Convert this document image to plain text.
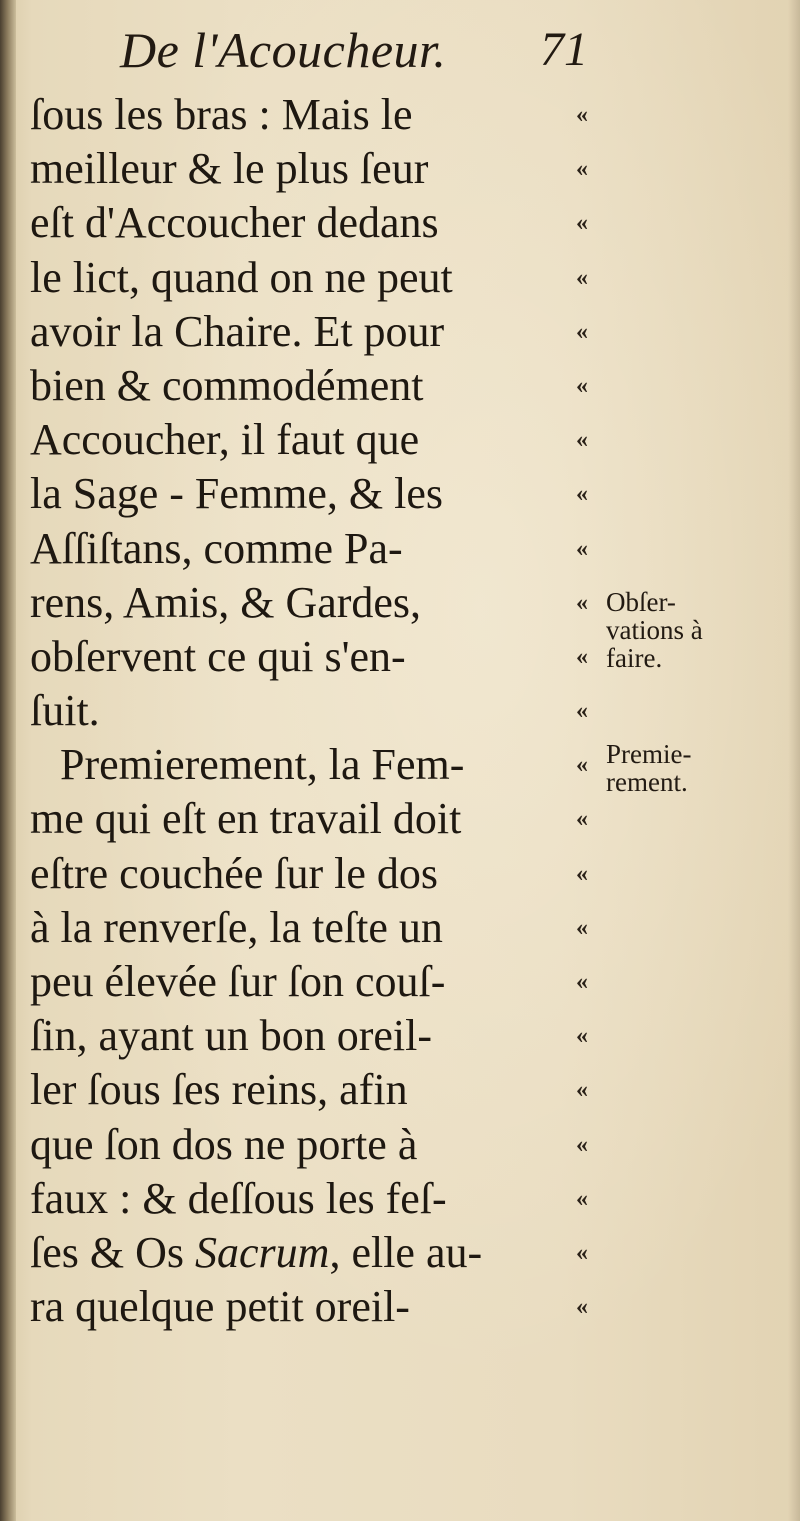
De l'Acoucheur. 71
ſous les bras : Mais le
meilleur & le plus ſeur
eſt d'Accoucher dedans
le lict, quand on ne peut
avoir la Chaire. Et pour
bien & commodément
Accoucher, il faut que
la Sage - Femme, & les
Aſſiſtans, comme Pa-
rens, Amis, & Gardes,
obſervent ce qui s'en-
ſuit.
Premierement, la Fem-
me qui eſt en travail doit
eſtre couchée ſur le dos
à la renverſe, la teſte un
peu élevée ſur ſon couſ-
ſin, ayant un bon oreil-
ler ſous ſes reins, afin
que ſon dos ne porte à
faux : & deſſous les feſ-
ſes & Os Sacrum, elle au-
ra quelque petit oreil-
«
«
«
«
«
«
«
«
«
«
«
«
«
«
«
«
«
«
«
«
«
«
«
Obſer-
vations à
faire.
Premie-
rement.
